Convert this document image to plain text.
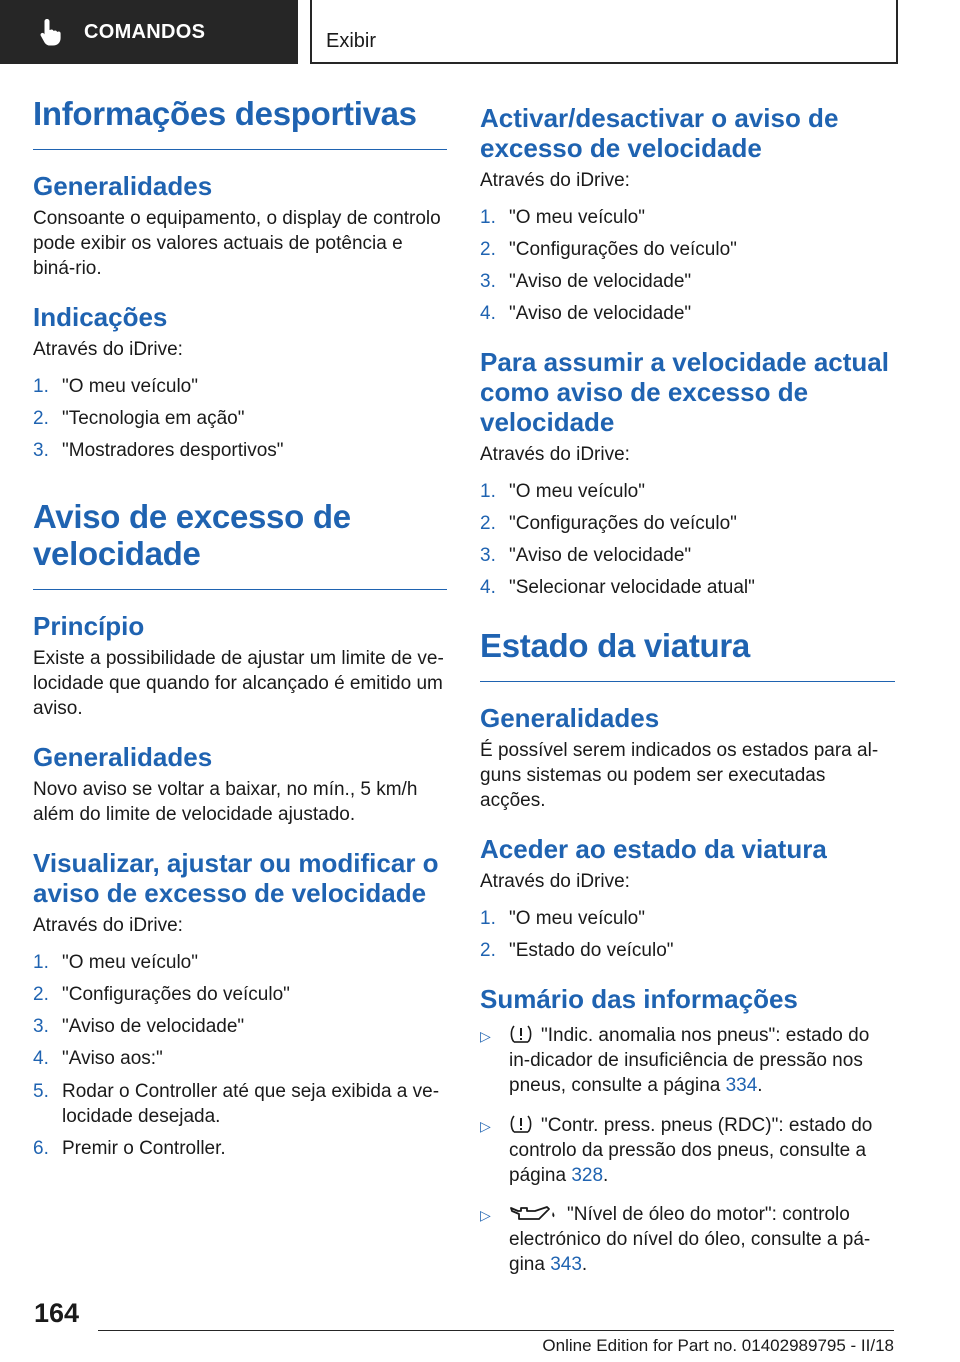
COMANDOS	Exibir
Informações desportivas
Generalidades

Consoante o equipamento, o display de controlo pode exibir os valores actuais de potência e biná-rio.

Indicações

Através do iDrive:

1. "O meu veículo"
2. "Tecnologia em ação"
3. "Mostradores desportivos"
Aviso de excesso de velocidade
Princípio

Existe a possibilidade de ajustar um limite de ve-locidade que quando for alcançado é emitido um aviso.

Generalidades

Novo aviso se voltar a baixar, no mín., 5 km/h além do limite de velocidade ajustado.

Visualizar, ajustar ou modificar o aviso de excesso de velocidade

Através do iDrive:

1. "O meu veículo"
2. "Configurações do veículo"
3. "Aviso de velocidade"
4. "Aviso aos:"
5. Rodar o Controller até que seja exibida a ve-locidade desejada.
6. Premir o Controller.
Activar/desactivar o aviso de excesso de velocidade

Através do iDrive:

1. "O meu veículo"
2. "Configurações do veículo"
3. "Aviso de velocidade"
4. "Aviso de velocidade"
Para assumir a velocidade actual como aviso de excesso de velocidade

Através do iDrive:

1. "O meu veículo"
2. "Configurações do veículo"
3. "Aviso de velocidade"
4. "Selecionar velocidade atual"
Estado da viatura
Generalidades

É possível serem indicados os estados para al-guns sistemas ou podem ser executadas acções.

Aceder ao estado da viatura

Através do iDrive:

1. "O meu veículo"
2. "Estado do veículo"
Sumário das informações
▷	"Indic. anomalia nos pneus": estado do in-dicador de insuficiência de pressão nos pneus, consulte a página 334.
▷	"Contr. press. pneus (RDC)": estado do controlo da pressão dos pneus, consulte a página 328.
▷	"Nível de óleo do motor": controlo electrónico do nível do óleo, consulte a pá-gina 343.
164
Online Edition for Part no. 01402989795 - II/18
